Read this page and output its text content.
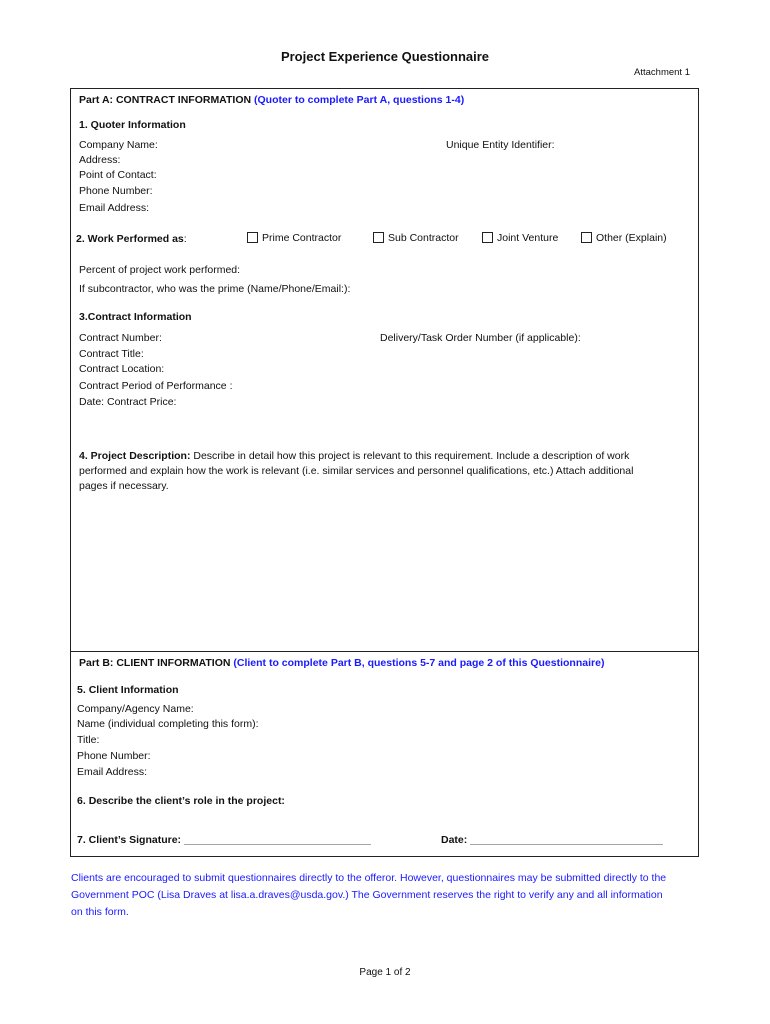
Project Experience Questionnaire
Attachment 1
Part A: CONTRACT INFORMATION (Quoter to complete Part A, questions 1-4)
1. Quoter Information
Company Name:	Unique Entity Identifier:
Address:
Point of Contact:
Phone Number:
Email Address:
2. Work Performed as:	Prime Contractor	Sub Contractor	Joint Venture	Other (Explain)
Percent of project work performed:
If subcontractor, who was the prime (Name/Phone/Email:):
3.Contract Information
Contract Number:	Delivery/Task Order Number (if applicable):
Contract Title:
Contract Location:
Contract Period of Performance :
Date: Contract Price:
4. Project Description: Describe in detail how this project is relevant to this requirement. Include a description of work performed and explain how the work is relevant (i.e. similar services and personnel qualifications, etc.) Attach additional pages if necessary.
Part B: CLIENT INFORMATION (Client to complete Part B, questions 5-7 and page 2 of this Questionnaire)
5. Client Information
Company/Agency Name:
Name (individual completing this form):
Title:
Phone Number:
Email Address:
6. Describe the client’s role in the project:
7. Client’s Signature: ________________________________	Date: _________________________________
Clients are encouraged to submit questionnaires directly to the offeror. However, questionnaires may be submitted directly to the Government POC (Lisa Draves at lisa.a.draves@usda.gov.) The Government reserves the right to verify any and all information on this form.
Page 1 of 2
